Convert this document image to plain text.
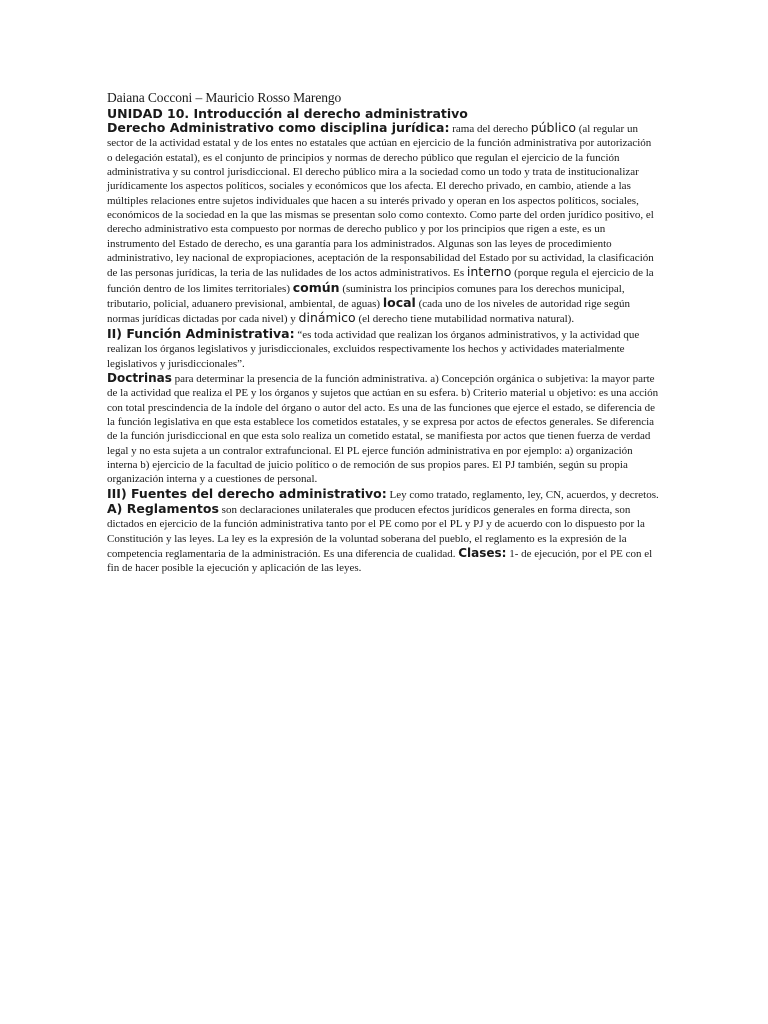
Daiana Cocconi – Mauricio Rosso Marengo
UNIDAD 10. Introducción al derecho administrativo

Derecho Administrativo como disciplina jurídica: rama del derecho público (al regular un sector de la actividad estatal y de los entes no estatales que actúan en ejercicio de la función administrativa por autorización o delegación estatal), es el conjunto de principios y normas de derecho público que regulan el ejercicio de la función administrativa y su control jurisdiccional. El derecho público mira a la sociedad como un todo y trata de institucionalizar jurídicamente los aspectos políticos, sociales y económicos que los afecta. El derecho privado, en cambio, atiende a las múltiples relaciones entre sujetos individuales que hacen a su interés privado y operan en los aspectos políticos, sociales, económicos de la sociedad en la que las mismas se presentan solo como contexto. Como parte del orden jurídico positivo, el derecho administrativo esta compuesto por normas de derecho publico y por los principios que rigen a este, es un instrumento del Estado de derecho, es una garantía para los administrados. Algunas son las leyes de procedimiento administrativo, ley nacional de expropiaciones, aceptación de la responsabilidad del Estado por su actividad, la clasificación de las personas jurídicas, la teria de las nulidades de los actos administrativos. Es interno (porque regula el ejercicio de la función dentro de los limites territoriales) común (suministra los principios comunes para los derechos municipal, tributario, policial, aduanero previsional, ambiental, de aguas) local (cada uno de los niveles de autoridad rige según normas jurídicas dictadas por cada nivel) y dinámico (el derecho tiene mutabilidad normativa natural).

II) Función Administrativa: “es toda actividad que realizan los órganos administrativos, y la actividad que realizan los órganos legislativos y jurisdiccionales, excluidos respectivamente los hechos y actividades materialmente legislativos y jurisdiccionales”.

Doctrinas para determinar la presencia de la función administrativa. a) Concepción orgánica o subjetiva: la mayor parte de la actividad que realiza el PE y los órganos y sujetos que actúan en su esfera. b) Criterio material u objetivo: es una acción con total prescindencia de la índole del órgano o autor del acto. Es una de las funciones que ejerce el estado, se diferencia de la función legislativa en que esta establece los cometidos estatales, y se expresa por actos de efectos generales. Se diferencia de la función jurisdiccional en que esta solo realiza un cometido estatal, se manifiesta por actos que tienen fuerza de verdad legal y no esta sujeta a un contralor extrafuncional. El PL ejerce función administrativa en por ejemplo: a) organización interna b) ejercicio de la facultad de juicio político o de remoción de sus propios pares. El PJ también, según su propia organización interna y a cuestiones de personal.

III) Fuentes del derecho administrativo: Ley como tratado, reglamento, ley, CN, acuerdos, y decretos. A) Reglamentos son declaraciones unilaterales que producen efectos jurídicos generales en forma directa, son dictados en ejercicio de la función administrativa tanto por el PE como por el PL y PJ y de acuerdo con lo dispuesto por la Constitución y las leyes. La ley es la expresión de la voluntad soberana del pueblo, el reglamento es la expresión de la competencia reglamentaria de la administración. Es una diferencia de cualidad. Clases: 1- de ejecución, por el PE con el fin de hacer posible la ejecución y aplicación de las leyes.
